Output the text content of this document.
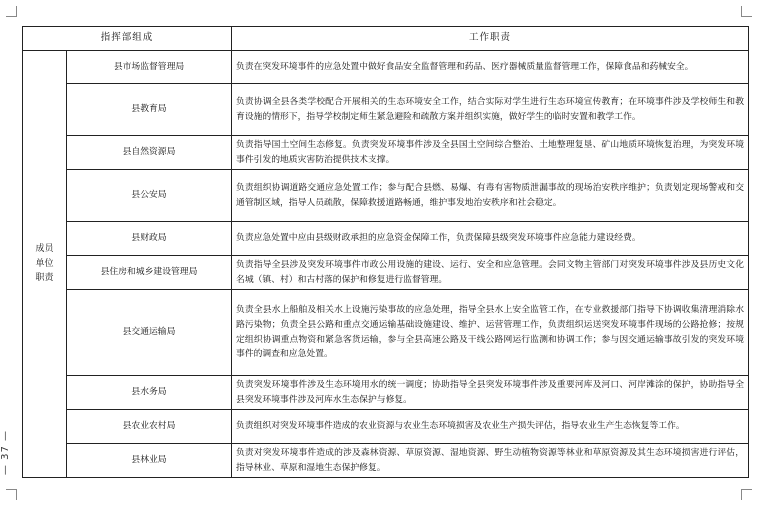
— 37 —
指挥部组成		工作职责

成员
单位
职责	县市场监督管理局	负责在突发环境事件的应急处置中做好食品安全监督管理和药品、医疗器械质量监督管理工作，保障食品和药械安全。
	县教育局	负责协调全县各类学校配合开展相关的生态环境安全工作，结合实际对学生进行生态环境宣传教育；在环境事件涉及学校师生和教育设施的情形下，指导学校制定师生紧急避险和疏散方案并组织实施，做好学生的临时安置和教学工作。
	县自然资源局	负责指导国土空间生态修复。负责突发环境事件涉及全县国土空间综合整治、土地整理复垦、矿山地质环境恢复治理，为突发环境事件引发的地质灾害防治提供技术支撑。
	县公安局	负责组织协调道路交通应急处置工作；参与配合县燃、易爆、有毒有害物质泄漏事故的现场治安秩序维护；负责划定现场警戒和交通管制区域，指导人员疏散，保障救援道路畅通，维护事发地治安秩序和社会稳定。
	县财政局	负责应急处置中应由县级财政承担的应急资金保障工作，负责保障县级突发环境事件应急能力建设经费。
	县住房和城乡建设管理局	负责指导全县涉及突发环境事件市政公用设施的建设、运行、安全和应急管理。会同文物主管部门对突发环境事件涉及县历史文化名城（镇、村）和古村落的保护和修复进行监督管理。
	县交通运输局	负责全县水上船舶及相关水上设施污染事故的应急处理，指导全县水上安全监管工作，在专业救援部门指导下协调收集清理消除水路污染物；负责全县公路和重点交通运输基础设施建设、维护、运营管理工作，负责组织运送突发环境事件现场的公路抢修；按规定组织协调重点物资和紧急客货运输，参与全县高速公路及干线公路网运行监测和协调工作；参与因交通运输事故引发的突发环境事件的调查和应急处置。
	县水务局	负责突发环境事件涉及生态环境用水的统一调度；协助指导全县突发环境事件涉及重要河库及河口、河岸滩涂的保护，协助指导全县突发环境事件涉及河库水生态保护与修复。
	县农业农村局	负责组织对突发环境事件造成的农业资源与农业生态环境损害及农业生产损失评估，指导农业生产生态恢复等工作。
	县林业局	负责对突发环境事件造成的涉及森林资源、草原资源、湿地资源、野生动植物资源等林业和草原资源及其生态环境损害进行评估，指导林业、草原和湿地生态保护修复。
